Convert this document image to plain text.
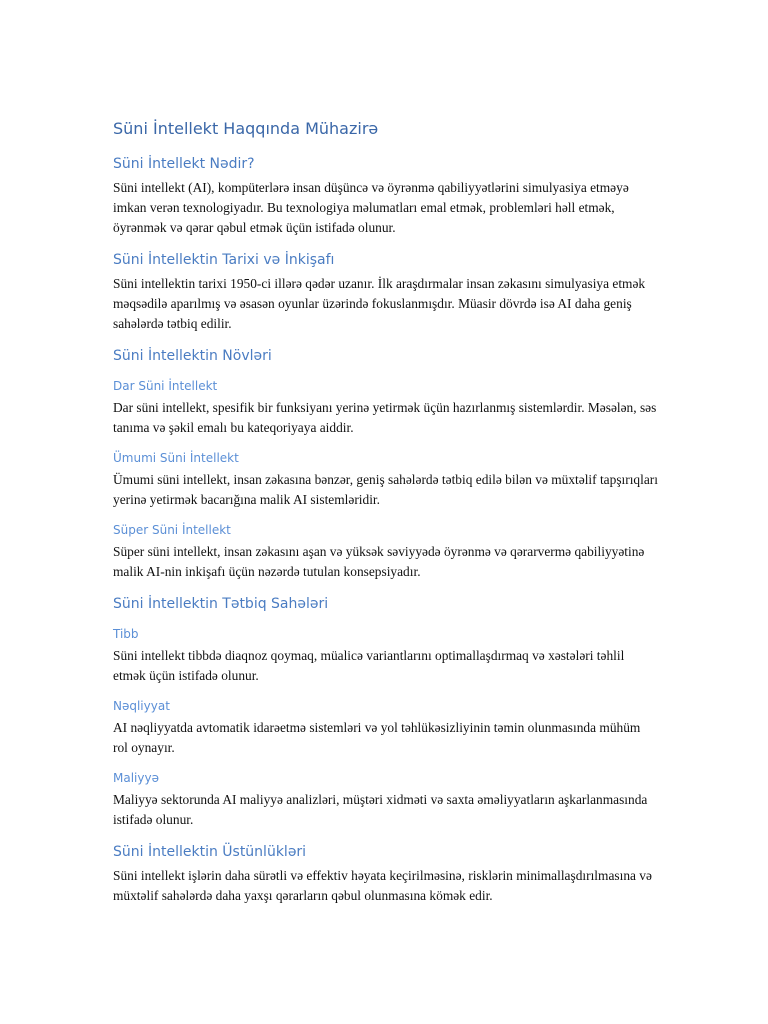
Süni İntellekt Haqqında Mühazirə
Süni İntellekt Nədir?
Süni intellekt (AI), kompüterlərə insan düşüncə və öyrənmə qabiliyyətlərini simulyasiya etməyə imkan verən texnologiyadır. Bu texnologiya məlumatları emal etmək, problemləri həll etmək, öyrənmək və qərar qəbul etmək üçün istifadə olunur.
Süni İntellektin Tarixi və İnkişafı
Süni intellektin tarixi 1950-ci illərə qədər uzanır. İlk araşdırmalar insan zəkasını simulyasiya etmək məqsədilə aparılmış və əsasən oyunlar üzərində fokuslanmışdır. Müasir dövrdə isə AI daha geniş sahələrdə tətbiq edilir.
Süni İntellektin Növləri
Dar Süni İntellekt
Dar süni intellekt, spesifik bir funksiyanı yerinə yetirmək üçün hazırlanmış sistemlərdir. Məsələn, səs tanıma və şəkil emalı bu kateqoriyaya aiddir.
Ümumi Süni İntellekt
Ümumi süni intellekt, insan zəkasına bənzər, geniş sahələrdə tətbiq edilə bilən və müxtəlif tapşırıqları yerinə yetirmək bacarığına malik AI sistemləridir.
Süper Süni İntellekt
Süper süni intellekt, insan zəkasını aşan və yüksək səviyyədə öyrənmə və qərarvermə qabiliyyətinə malik AI-nin inkişafı üçün nəzərdə tutulan konsepsiyadır.
Süni İntellektin Tətbiq Sahələri
Tibb
Süni intellekt tibbdə diaqnoz qoymaq, müalicə variantlarını optimallaşdırmaq və xəstələri təhlil etmək üçün istifadə olunur.
Nəqliyyat
AI nəqliyyatda avtomatik idarəetmə sistemləri və yol təhlükəsizliyinin təmin olunmasında mühüm rol oynayır.
Maliyyə
Maliyyə sektorunda AI maliyyə analizləri, müştəri xidməti və saxta əməliyyatların aşkarlanmasında istifadə olunur.
Süni İntellektin Üstünlükləri
Süni intellekt işlərin daha sürətli və effektiv həyata keçirilməsinə, risklərin minimallaşdırılmasına və müxtəlif sahələrdə daha yaxşı qərarların qəbul olunmasına kömək edir.
